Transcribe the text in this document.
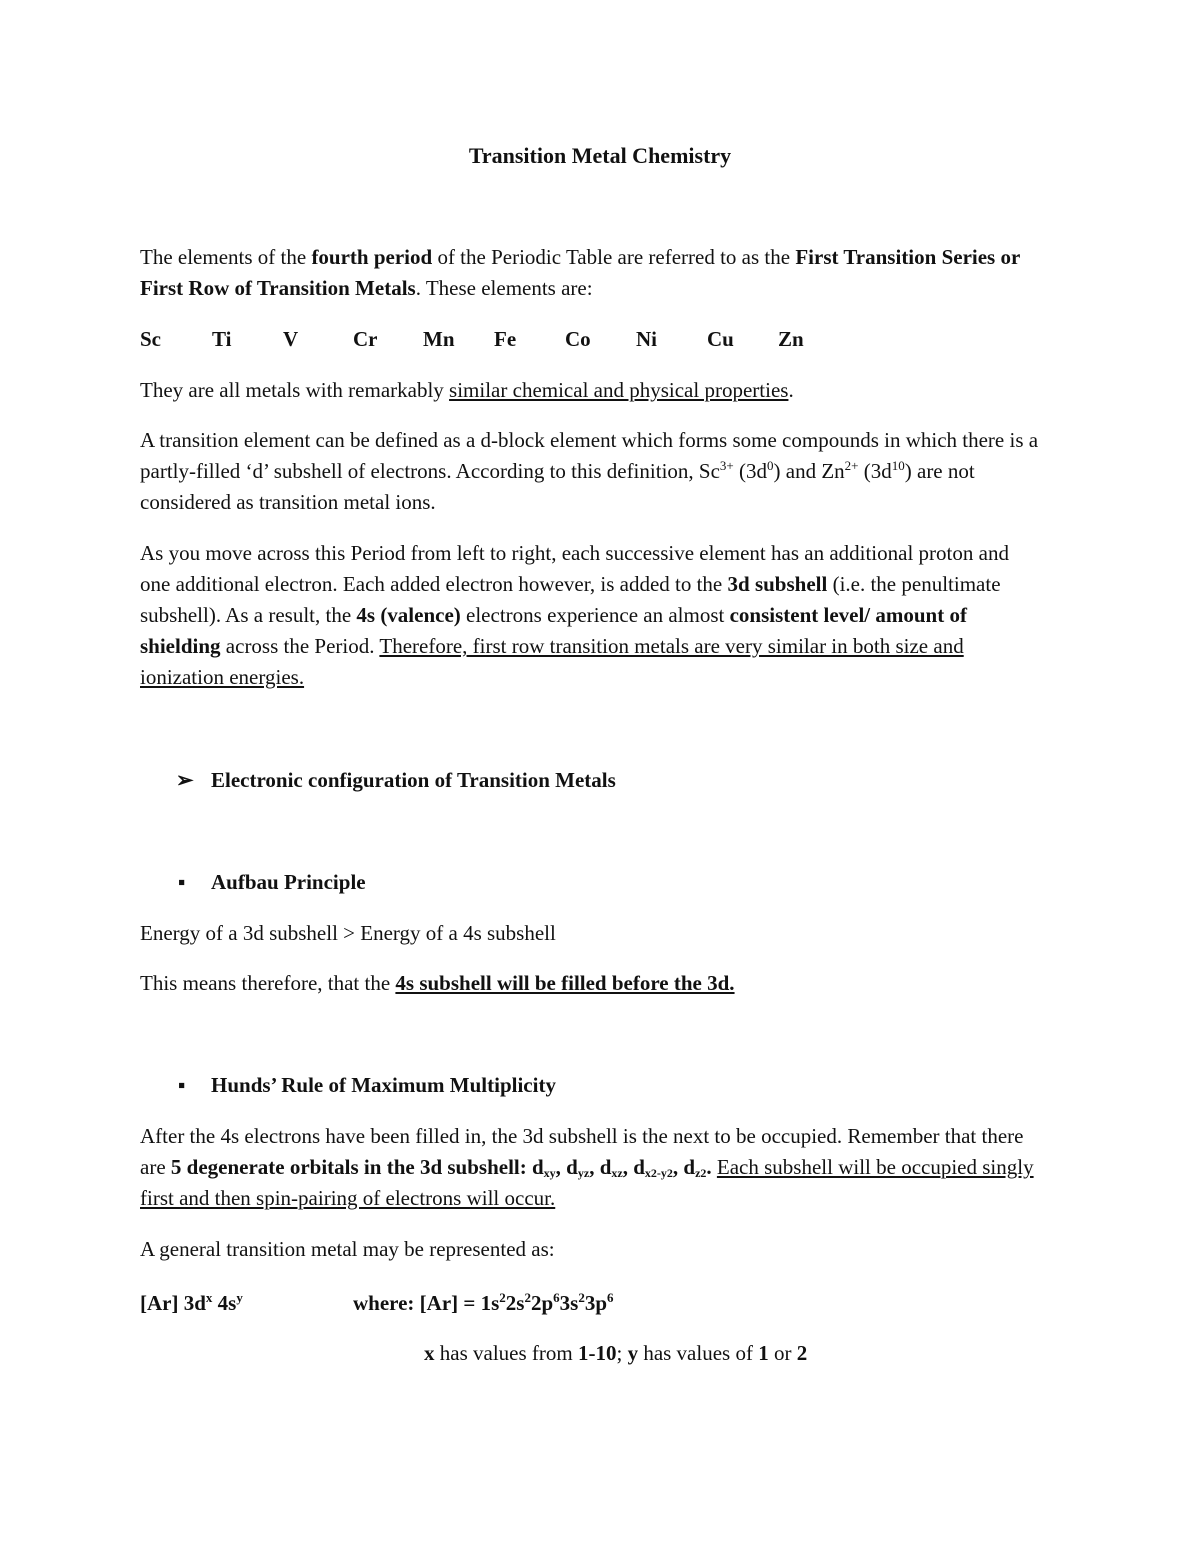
Transition Metal Chemistry

The elements of the fourth period of the Periodic Table are referred to as the First Transition Series or First Row of Transition Metals. These elements are:

Sc Ti V	Cr Mn Fe Co Ni Cu Zn

They are all metals with remarkably similar chemical and physical properties.

A transition element can be defined as a d-block element which forms some compounds in which there is a partly-filled ‘d’ subshell of electrons. According to this definition, $Sc^{3+}$ $(3d^0)$ and $Zn^{2+}$ $(3d^{10})$ are not considered as transition metal ions.

As you move across this Period from left to right, each successive element has an additional proton and one additional electron. Each added electron however, is added to the 3d subshell (i.e. the penultimate subshell). As a result, the 4s (valence) electrons experience an almost consistent level/ amount of shielding across the Period. Therefore, first row transition metals are very similar in both size and ionization energies.

➢ Electronic configuration of Transition Metals
▪ Aufbau Principle

Energy of a 3d subshell > Energy of a 4s subshell

This means therefore, that the 4s subshell will be filled before the 3d.

▪ Hunds’ Rule of Maximum Multiplicity

After the 4s electrons have been filled in, the 3d subshell is the next to be occupied. Remember that there are 5 degenerate orbitals in the 3d subshell: $d_{xy}$, $d_{yz}$, $d_{xz}$, $d_{x2-y2}$, $d_{z2}$. Each subshell will be occupied singly first and then spin-pairing of electrons will occur.

A general transition metal may be represented as:

[Ar] $3d^x$ $4s^y$	where: $[Ar] = 1s^22s^22p^63s^23p^6$
x has values from 1-10; y has values of 1 or 2
